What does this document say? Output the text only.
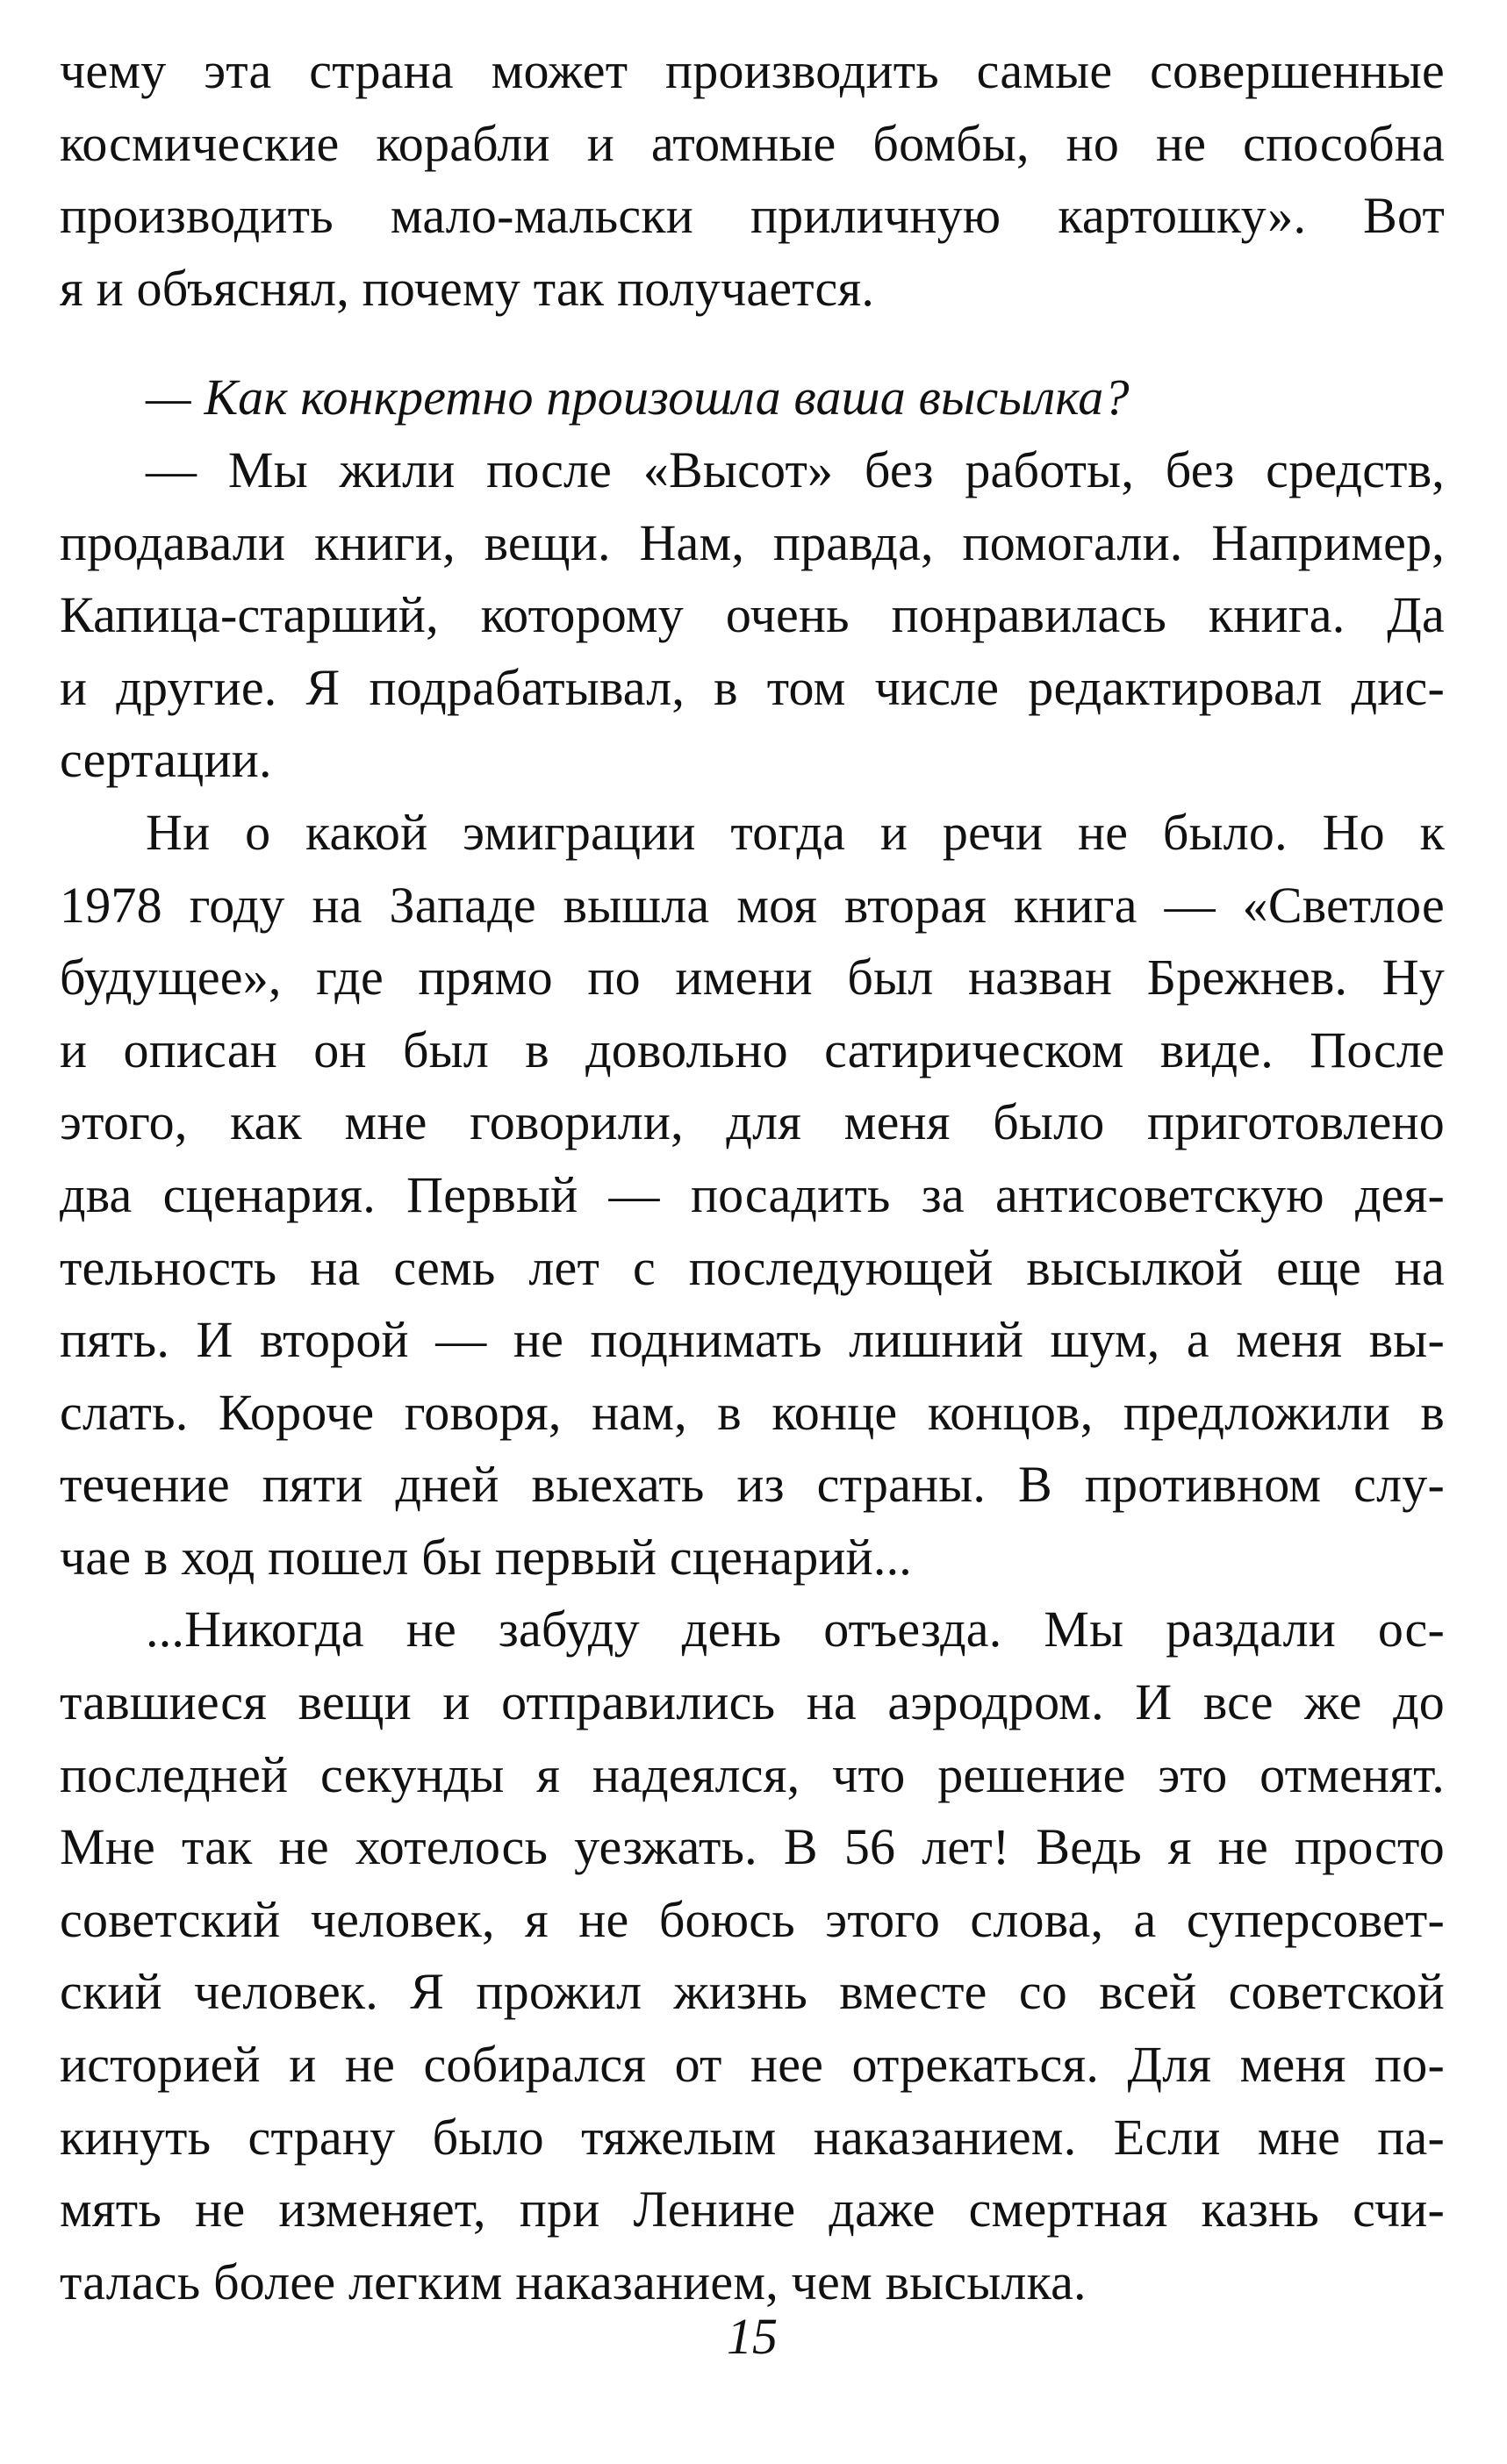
чему эта страна может производить самые совершенные
космические корабли и атомные бомбы, но не способна
производить мало-мальски приличную картошку». Вот
я и объяснял, почему так получается.
— Как конкретно произошла ваша высылка?
— Мы жили после «Высот» без работы, без средств,
продавали книги, вещи. Нам, правда, помогали. Например,
Капица-старший, которому очень понравилась книга. Да
и другие. Я подрабатывал, в том числе редактировал дис-
сертации.
Ни о какой эмиграции тогда и речи не было. Но к
1978 году на Западе вышла моя вторая книга — «Светлое
будущее», где прямо по имени был назван Брежнев. Ну
и описан он был в довольно сатирическом виде. После
этого, как мне говорили, для меня было приготовлено
два сценария. Первый — посадить за антисоветскую дея-
тельность на семь лет с последующей высылкой еще на
пять. И второй — не поднимать лишний шум, а меня вы-
слать. Короче говоря, нам, в конце концов, предложили в
течение пяти дней выехать из страны. В противном слу-
чае в ход пошел бы первый сценарий...
...Никогда не забуду день отъезда. Мы раздали ос-
тавшиеся вещи и отправились на аэродром. И все же до
последней секунды я надеялся, что решение это отменят.
Мне так не хотелось уезжать. В 56 лет! Ведь я не просто
советский человек, я не боюсь этого слова, а суперсовет-
ский человек. Я прожил жизнь вместе со всей советской
историей и не собирался от нее отрекаться. Для меня по-
кинуть страну было тяжелым наказанием. Если мне па-
мять не изменяет, при Ленине даже смертная казнь счи-
талась более легким наказанием, чем высылка.
15
